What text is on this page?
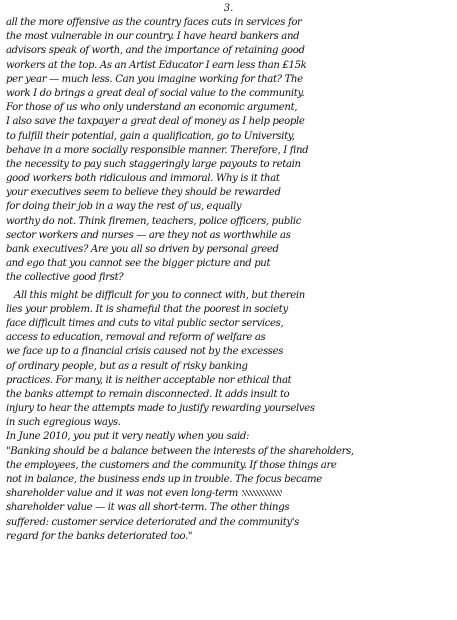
3.
all the more offensive as the country faces cuts in services for
the most vulnerable in our country. I have heard bankers and
advisors speak of worth, and the importance of retaining good
workers at the top. As an Artist Educator I earn less than £15k
per year — much less. Can you imagine working for that? The
work I do brings a great deal of social value to the community.
For those of us who only understand an economic argument,
I also save the taxpayer a great deal of money as I help people
to fulfill their potential, gain a qualification, go to University,
behave in a more socially responsible manner. Therefore, I find
the necessity to pay such staggeringly large payouts to retain
good workers both ridiculous and immoral. Why is it that
your executives seem to believe they should be rewarded
for doing their job in a way the rest of us, equally
worthy do not. Think firemen, teachers, police officers, public
sector workers and nurses — are they not as worthwhile as
bank executives? Are you all so driven by personal greed
and ego that you cannot see the bigger picture and put
the collective good first?
All this might be difficult for you to connect with, but therein
lies your problem. It is shameful that the poorest in society
face difficult times and cuts to vital public sector services,
access to education, removal and reform of welfare as
we face up to a financial crisis caused not by the excesses
of ordinary people, but as a result of risky banking
practices. For many, it is neither acceptable nor ethical that
the banks attempt to remain disconnected. It adds insult to
injury to hear the attempts made to justify rewarding yourselves
in such egregious ways.
In June 2010, you put it very neatly when you said:
"Banking should be a balance between the interests of the shareholders,
the employees, the customers and the community. If those things are
not in balance, the business ends up in trouble. The focus became
shareholder value and it was not even long-term
shareholder value — it was all short-term. The other things
suffered: customer service deteriorated and the community's
regard for the banks deteriorated too."
